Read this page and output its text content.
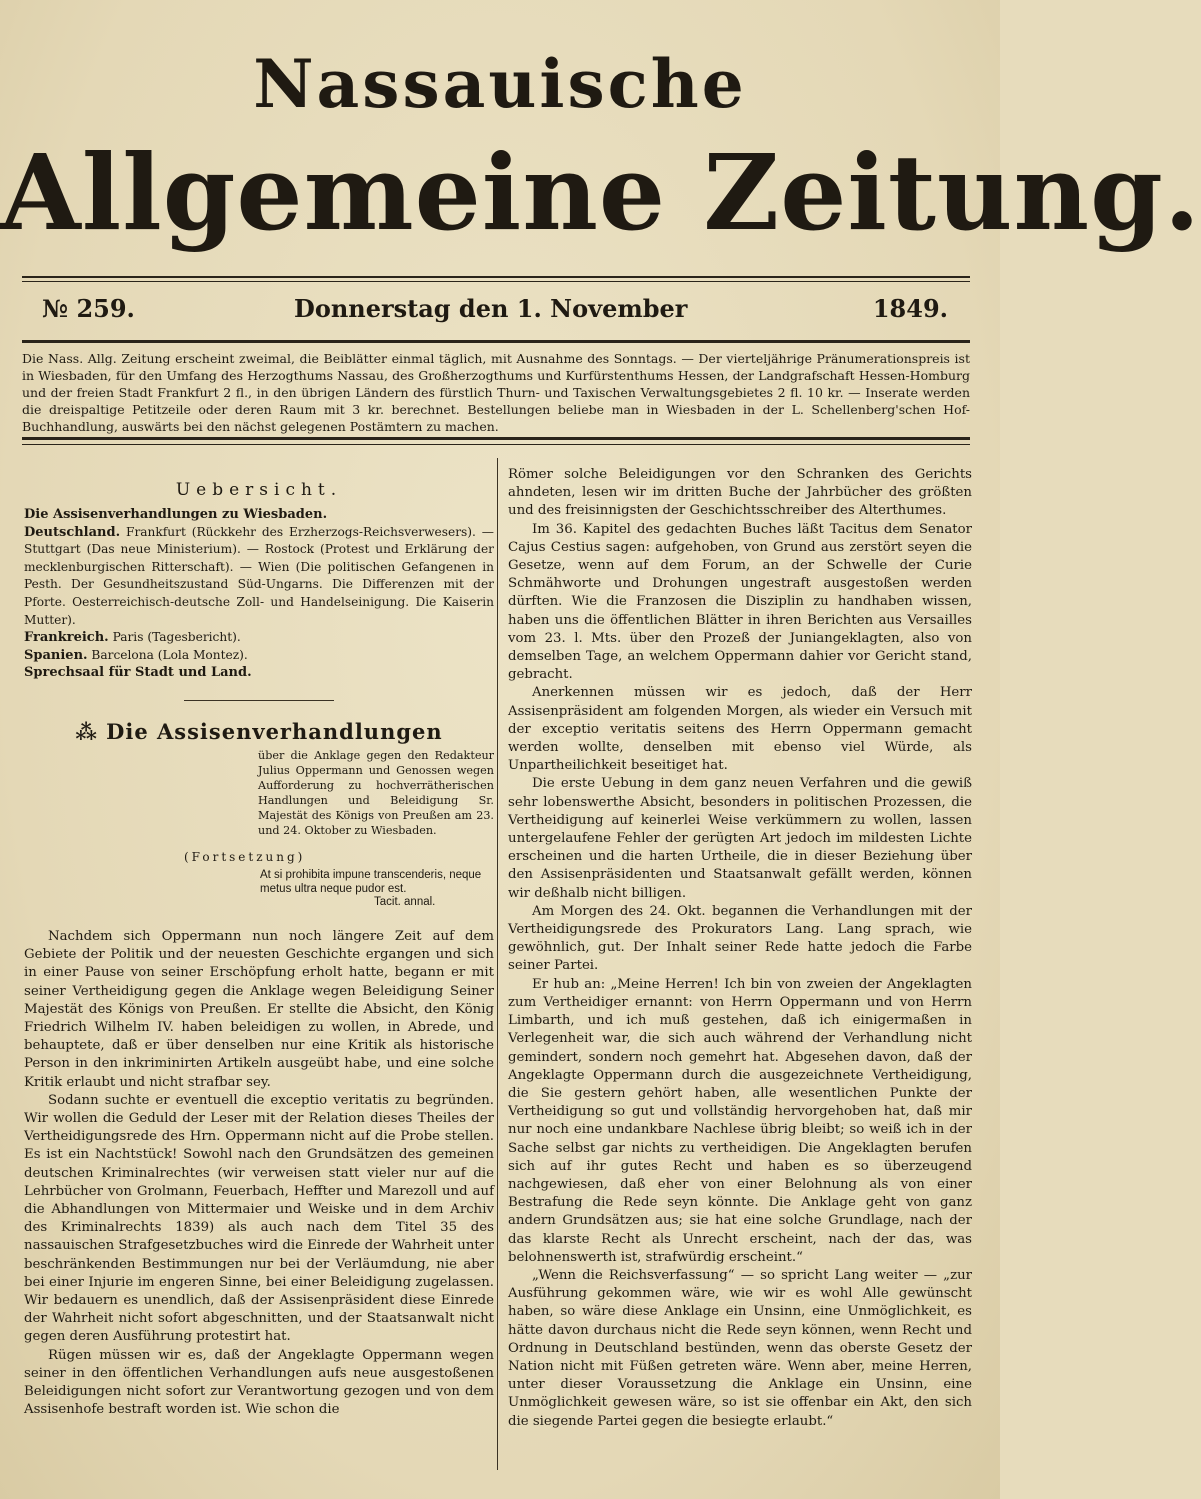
Nassauische
Allgemeine Zeitung.
№ 259.	Donnerstag den 1. November	1849.

Die Nass. Allg. Zeitung erscheint zweimal, die Beiblätter einmal täglich, mit Ausnahme des Sonntags. — Der vierteljährige Pränumerationspreis ist in Wiesbaden, für den Umfang des Herzogthums Nassau, des Großherzogthums und Kurfürstenthums Hessen, der Landgrafschaft Hessen-Homburg und der freien Stadt Frankfurt 2 fl., in den übrigen Ländern des fürstlich Thurn- und Taxischen Verwaltungsgebietes 2 fl. 10 kr. — Inserate werden die dreispaltige Petitzeile oder deren Raum mit 3 kr. berechnet. Bestellungen beliebe man in Wiesbaden in der L. Schellenberg'schen Hof-Buchhandlung, auswärts bei den nächst gelegenen Postämtern zu machen.

Uebersicht.

Die Assisenverhandlungen zu Wiesbaden.

Deutschland. Frankfurt (Rückkehr des Erzherzogs-Reichsverwesers). — Stuttgart (Das neue Ministerium). — Rostock (Protest und Erklärung der mecklenburgischen Ritterschaft). — Wien (Die politischen Gefangenen in Pesth. Der Gesundheitszustand Süd-Ungarns. Die Differenzen mit der Pforte. Oesterreichisch-deutsche Zoll- und Handelseinigung. Die Kaiserin Mutter).

Frankreich. Paris (Tagesbericht).

Spanien. Barcelona (Lola Montez).

Sprechsaal für Stadt und Land.

⁂ Die Assisenverhandlungen
über die Anklage gegen den Redakteur Julius Oppermann und Genossen wegen Aufforderung zu hochverrätherischen Handlungen und Beleidigung Sr. Majestät des Königs von Preußen am 23. und 24. Oktober zu Wiesbaden.
(Fortsetzung)
At si prohibita impune transcenderis, neque metus ultra neque pudor est.
Tacit. annal.

Nachdem sich Oppermann nun noch längere Zeit auf dem Gebiete der Politik und der neuesten Geschichte ergangen und sich in einer Pause von seiner Erschöpfung erholt hatte, begann er mit seiner Vertheidigung gegen die Anklage wegen Beleidigung Seiner Majestät des Königs von Preußen. Er stellte die Absicht, den König Friedrich Wilhelm IV. haben beleidigen zu wollen, in Abrede, und behauptete, daß er über denselben nur eine Kritik als historische Person in den inkriminirten Artikeln ausgeübt habe, und eine solche Kritik erlaubt und nicht strafbar sey.

Sodann suchte er eventuell die exceptio veritatis zu begründen. Wir wollen die Geduld der Leser mit der Relation dieses Theiles der Vertheidigungsrede des Hrn. Oppermann nicht auf die Probe stellen. Es ist ein Nachtstück! Sowohl nach den Grundsätzen des gemeinen deutschen Kriminalrechtes (wir verweisen statt vieler nur auf die Lehrbücher von Grolmann, Feuerbach, Heffter und Marezoll und auf die Abhandlungen von Mittermaier und Weiske und in dem Archiv des Kriminalrechts 1839) als auch nach dem Titel 35 des nassauischen Strafgesetzbuches wird die Einrede der Wahrheit unter beschränkenden Bestimmungen nur bei der Verläumdung, nie aber bei einer Injurie im engeren Sinne, bei einer Beleidigung zugelassen. Wir bedauern es unendlich, daß der Assisenpräsident diese Einrede der Wahrheit nicht sofort abgeschnitten, und der Staatsanwalt nicht gegen deren Ausführung protestirt hat.

Rügen müssen wir es, daß der Angeklagte Oppermann wegen seiner in den öffentlichen Verhandlungen aufs neue ausgestoßenen Beleidigungen nicht sofort zur Verantwortung gezogen und von dem Assisenhofe bestraft worden ist. Wie schon die

Römer solche Beleidigungen vor den Schranken des Gerichts ahndeten, lesen wir im dritten Buche der Jahrbücher des größten und des freisinnigsten der Geschichtsschreiber des Alterthumes.

Im 36. Kapitel des gedachten Buches läßt Tacitus dem Senator Cajus Cestius sagen: aufgehoben, von Grund aus zerstört seyen die Gesetze, wenn auf dem Forum, an der Schwelle der Curie Schmähworte und Drohungen ungestraft ausgestoßen werden dürften. Wie die Franzosen die Disziplin zu handhaben wissen, haben uns die öffentlichen Blätter in ihren Berichten aus Versailles vom 23. l. Mts. über den Prozeß der Juniangeklagten, also von demselben Tage, an welchem Oppermann dahier vor Gericht stand, gebracht.

Anerkennen müssen wir es jedoch, daß der Herr Assisenpräsident am folgenden Morgen, als wieder ein Versuch mit der exceptio veritatis seitens des Herrn Oppermann gemacht werden wollte, denselben mit ebenso viel Würde, als Unpartheilichkeit beseitiget hat.

Die erste Uebung in dem ganz neuen Verfahren und die gewiß sehr lobenswerthe Absicht, besonders in politischen Prozessen, die Vertheidigung auf keinerlei Weise verkümmern zu wollen, lassen untergelaufene Fehler der gerügten Art jedoch im mildesten Lichte erscheinen und die harten Urtheile, die in dieser Beziehung über den Assisenpräsidenten und Staatsanwalt gefällt werden, können wir deßhalb nicht billigen.

Am Morgen des 24. Okt. begannen die Verhandlungen mit der Vertheidigungsrede des Prokurators Lang. Lang sprach, wie gewöhnlich, gut. Der Inhalt seiner Rede hatte jedoch die Farbe seiner Partei.

Er hub an: „Meine Herren! Ich bin von zweien der Angeklagten zum Vertheidiger ernannt: von Herrn Oppermann und von Herrn Limbarth, und ich muß gestehen, daß ich einigermaßen in Verlegenheit war, die sich auch während der Verhandlung nicht gemindert, sondern noch gemehrt hat. Abgesehen davon, daß der Angeklagte Oppermann durch die ausgezeichnete Vertheidigung, die Sie gestern gehört haben, alle wesentlichen Punkte der Vertheidigung so gut und vollständig hervorgehoben hat, daß mir nur noch eine undankbare Nachlese übrig bleibt; so weiß ich in der Sache selbst gar nichts zu vertheidigen. Die Angeklagten berufen sich auf ihr gutes Recht und haben es so überzeugend nachgewiesen, daß eher von einer Belohnung als von einer Bestrafung die Rede seyn könnte. Die Anklage geht von ganz andern Grundsätzen aus; sie hat eine solche Grundlage, nach der das klarste Recht als Unrecht erscheint, nach der das, was belohnenswerth ist, strafwürdig erscheint.“

„Wenn die Reichsverfassung“ — so spricht Lang weiter — „zur Ausführung gekommen wäre, wie wir es wohl Alle gewünscht haben, so wäre diese Anklage ein Unsinn, eine Unmöglichkeit, es hätte davon durchaus nicht die Rede seyn können, wenn Recht und Ordnung in Deutschland bestünden, wenn das oberste Gesetz der Nation nicht mit Füßen getreten wäre. Wenn aber, meine Herren, unter dieser Voraussetzung die Anklage ein Unsinn, eine Unmöglichkeit gewesen wäre, so ist sie offenbar ein Akt, den sich die siegende Partei gegen die besiegte erlaubt.“
